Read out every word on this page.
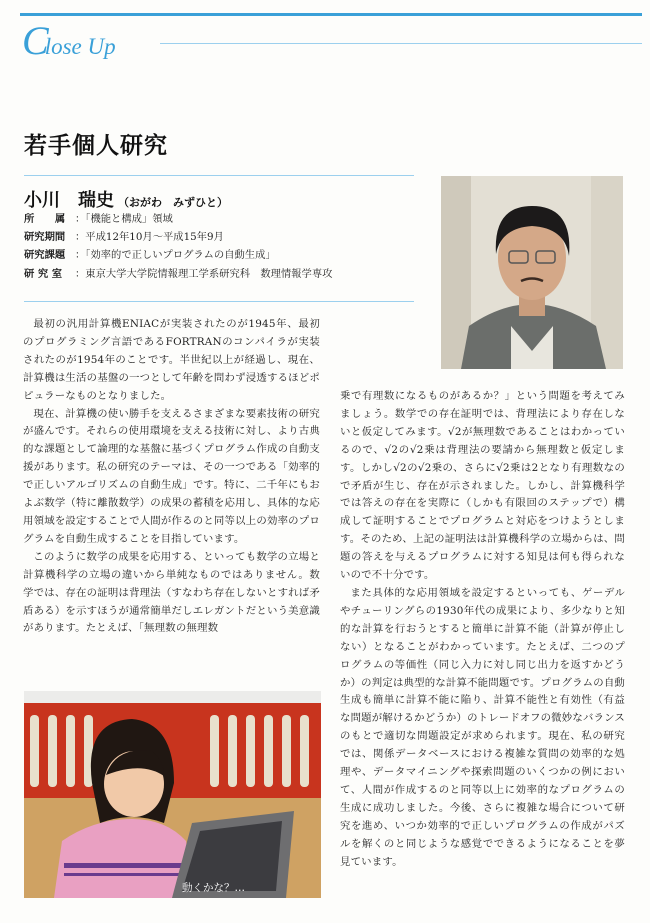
Close Up
若手個人研究
小川　瑞史 （おがわ　みずひと）
所　　属 ：「機能と構成」領域
研究期間 ：平成12年10月～平成15年9月
研究課題 ：「効率的で正しいプログラムの自動生成」
研 究 室 ：東京大学大学院情報理工学系研究科　数理情報学専攻

最初の汎用計算機ENIACが実装されたのが1945年、最初のプログラミング言語であるFORTRANのコンパイラが実装されたのが1954年のことです。半世紀以上が経過し、現在、計算機は生活の基盤の一つとして年齢を問わず浸透するほどポピュラーなものとなりました。

現在、計算機の使い勝手を支えるさまざまな要素技術の研究が盛んです。それらの使用環境を支える技術に対し、より古典的な課題として論理的な基盤に基づくプログラム作成の自動支援があります。私の研究のテーマは、その一つである「効率的で正しいアルゴリズムの自動生成」です。特に、二千年にもおよぶ数学（特に離散数学）の成果の蓄積を応用し、具体的な応用領域を設定することで人間が作るのと同等以上の効率のプログラムを自動生成することを目指しています。

このように数学の成果を応用する、といっても数学の立場と計算機科学の立場の違いから単純なものではありません。数学では、存在の証明は背理法（すなわち存在しないとすれば矛盾ある）を示すほうが通常簡単だしエレガントだという美意識があります。たとえば、「無理数の無理数

乗で有理数になるものがあるか？」という問題を考えてみましょう。数学での存在証明では、背理法により存在しないと仮定してみます。√2が無理数であることはわかっているので、√2の√2乗は背理法の要請から無理数と仮定します。しかし√2の√2乗の、さらに√2乗は2となり有理数なので矛盾が生じ、存在が示されました。しかし、計算機科学では答えの存在を実際に（しかも有限回のステップで）構成して証明することでプログラムと対応をつけようとします。そのため、上記の証明法は計算機科学の立場からは、問題の答えを与えるプログラムに対する知見は何も得られないので不十分です。

また具体的な応用領域を設定するといっても、ゲーデルやチューリングらの1930年代の成果により、多少なりと知的な計算を行おうとすると簡単に計算不能（計算が停止しない）となることがわかっています。たとえば、二つのプログラムの等価性（同じ入力に対し同じ出力を返すかどうか）の判定は典型的な計算不能問題です。プログラムの自動生成も簡単に計算不能に陥り、計算不能性と有効性（有益な問題が解けるかどうか）のトレードオフの微妙なバランスのもとで適切な問題設定が求められます。現在、私の研究では、関係データベースにおける複雑な質問の効率的な処理や、データマイニングや探索問題のいくつかの例において、人間が作成するのと同等以上に効率的なプログラムの生成に成功しました。今後、さらに複雑な場合について研究を進め、いつか効率的で正しいプログラムの作成がパズルを解くのと同じような感覚でできるようになることを夢見ています。

動くかな？…
